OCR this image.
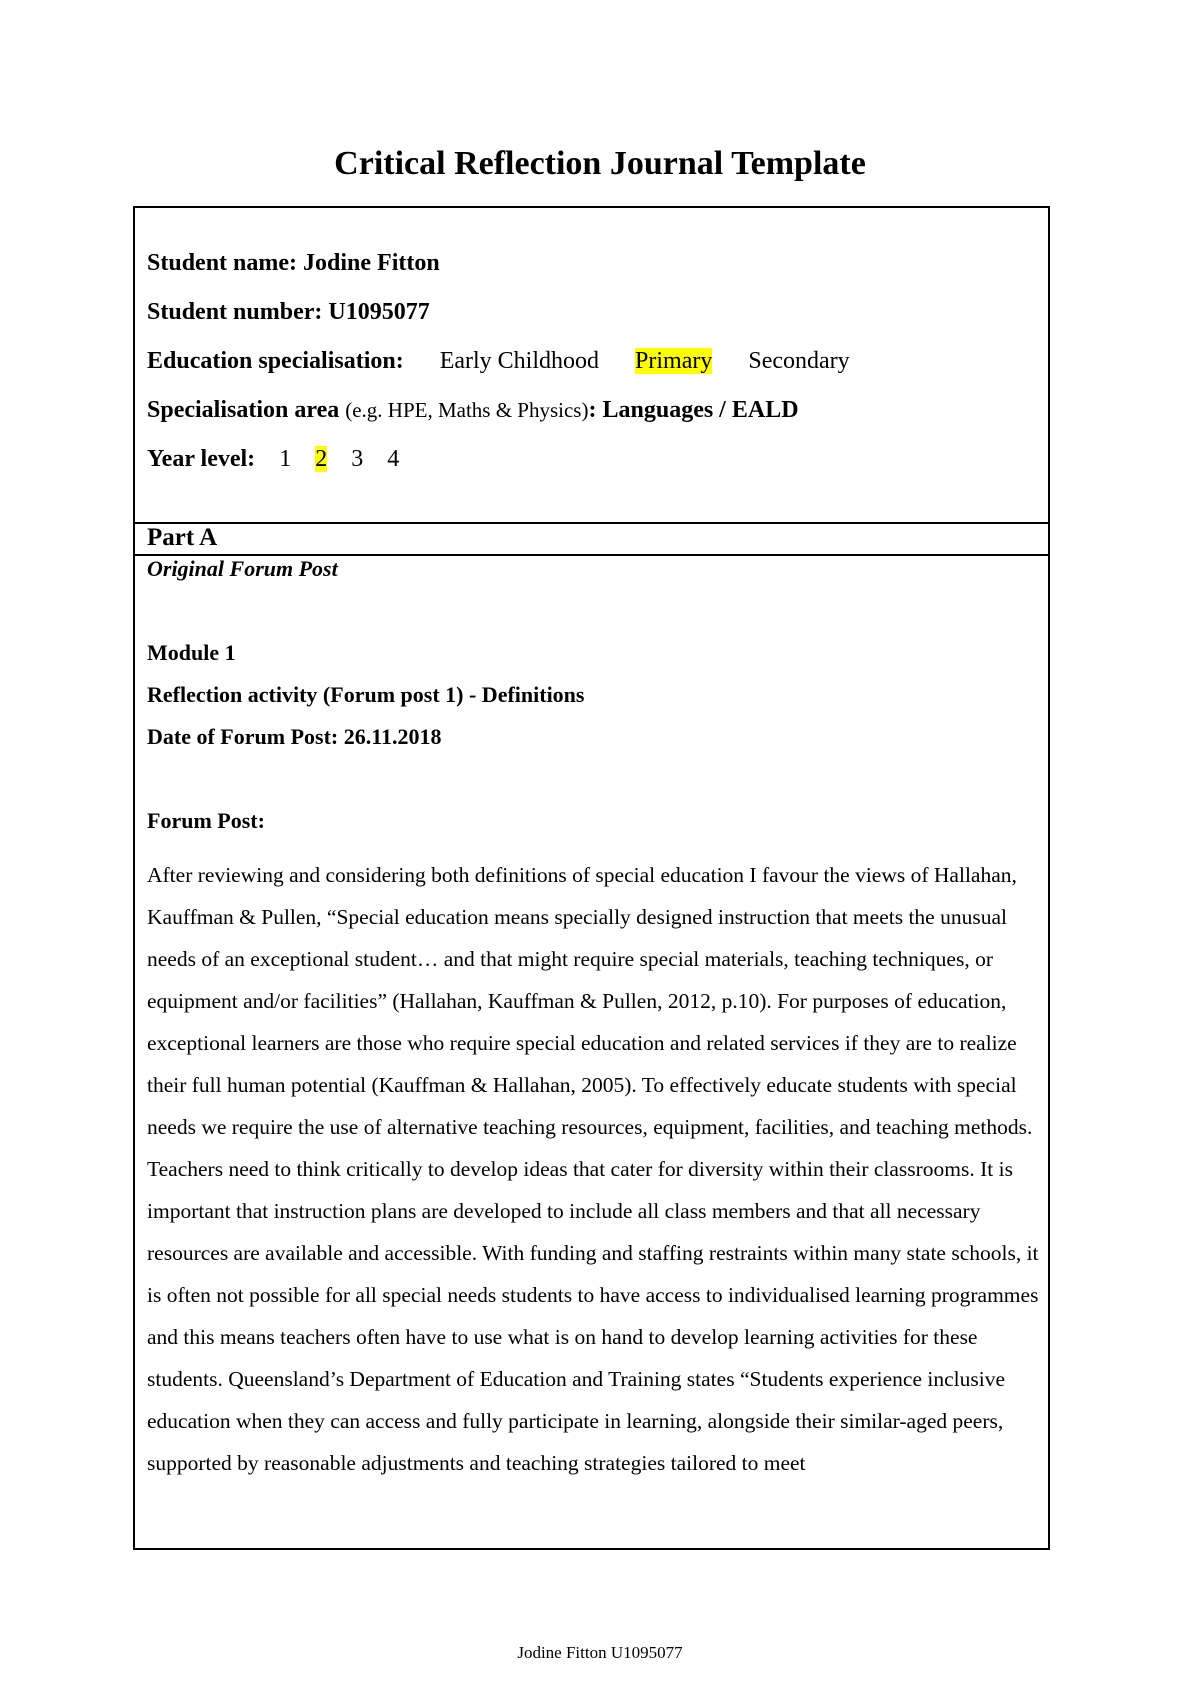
Critical Reflection Journal Template
Student name: Jodine Fitton
Student number: U1095077
Education specialisation: Early Childhood Primary Secondary
Specialisation area (e.g. HPE, Maths & Physics): Languages / EALD
Year level: 1 2 3 4
Part A
Original Forum Post
Module 1
Reflection activity (Forum post 1) - Definitions
Date of Forum Post: 26.11.2018
Forum Post:
After reviewing and considering both definitions of special education I favour the views of Hallahan, Kauffman & Pullen, “Special education means specially designed instruction that meets the unusual needs of an exceptional student… and that might require special materials, teaching techniques, or equipment and/or facilities” (Hallahan, Kauffman & Pullen, 2012, p.10). For purposes of education, exceptional learners are those who require special education and related services if they are to realize their full human potential (Kauffman & Hallahan, 2005). To effectively educate students with special needs we require the use of alternative teaching resources, equipment, facilities, and teaching methods. Teachers need to think critically to develop ideas that cater for diversity within their classrooms. It is important that instruction plans are developed to include all class members and that all necessary resources are available and accessible. With funding and staffing restraints within many state schools, it is often not possible for all special needs students to have access to individualised learning programmes and this means teachers often have to use what is on hand to develop learning activities for these students. Queensland’s Department of Education and Training states “Students experience inclusive education when they can access and fully participate in learning, alongside their similar-aged peers, supported by reasonable adjustments and teaching strategies tailored to meet
Jodine Fitton U1095077
